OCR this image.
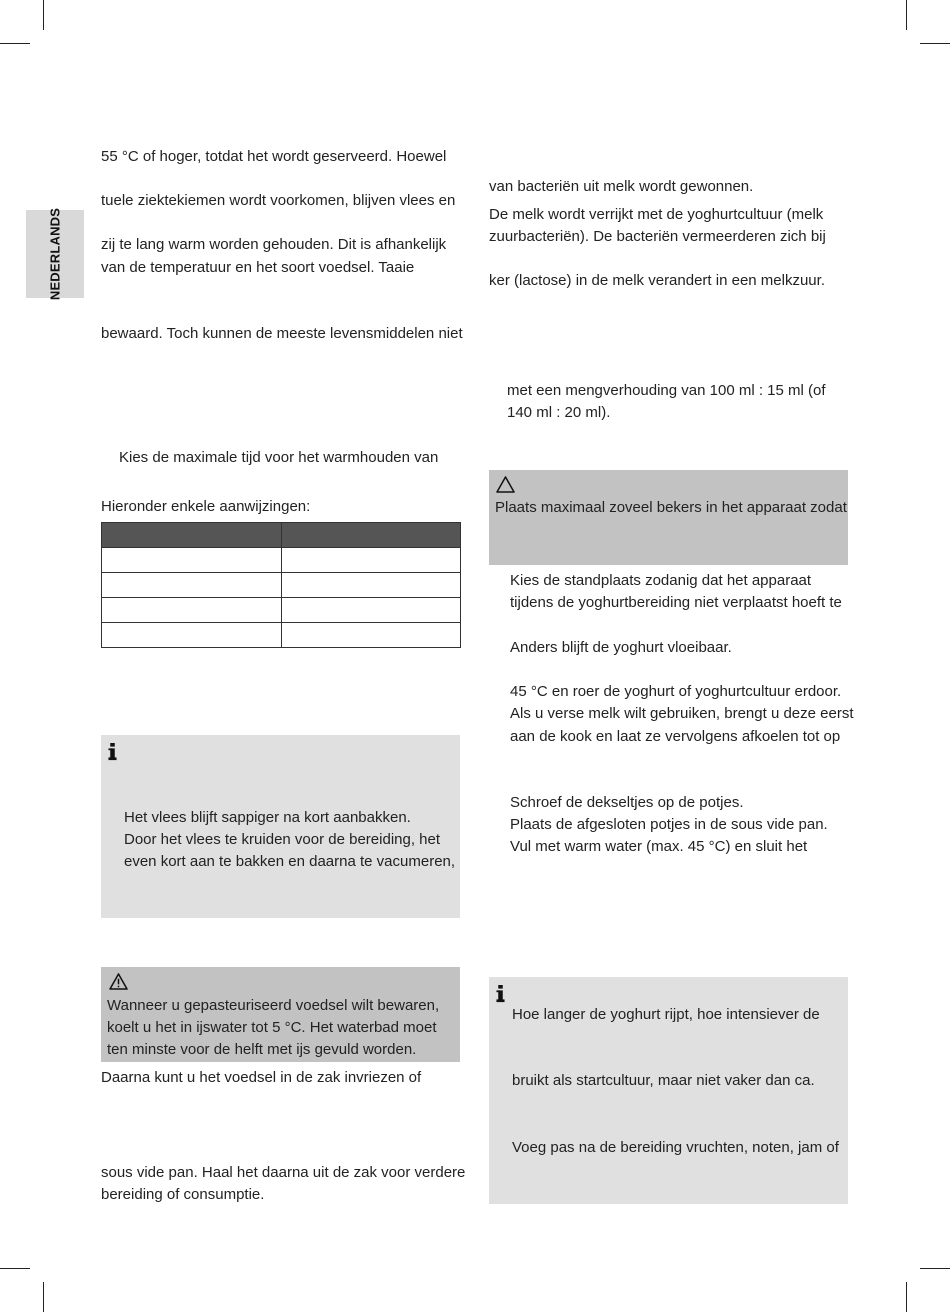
NEDERLANDS
55 °C of hoger, totdat het wordt geserveerd. Hoewel
tuele ziektekiemen wordt voorkomen, blijven vlees en
zij te lang warm worden gehouden. Dit is afhankelijk
van de temperatuur en het soort voedsel. Taaie
bewaard. Toch kunnen de meeste levensmiddelen niet
Kies de maximale tijd voor het warmhouden van
Hieronder enkele aanwijzingen:

Het vlees blijft sappiger na kort aanbakken.
Door het vlees te kruiden voor de bereiding, het
even kort aan te bakken en daarna te vacumeren,
Wanneer u gepasteuriseerd voedsel wilt bewaren,
koelt u het in ijswater tot 5 °C. Het waterbad moet
ten minste voor de helft met ijs gevuld worden.
Daarna kunt u het voedsel in de zak invriezen of
sous vide pan. Haal het daarna uit de zak voor verdere
bereiding of consumptie.
van bacteriën uit melk wordt gewonnen.
De melk wordt verrijkt met de yoghurtcultuur (melk
zuurbacteriën). De bacteriën vermeerderen zich bij
ker (lactose) in de melk verandert in een melkzuur.
met een mengverhouding van 100 ml : 15 ml (of
140 ml : 20 ml).
Plaats maximaal zoveel bekers in het apparaat zodat
Kies de standplaats zodanig dat het apparaat
tijdens de yoghurtbereiding niet verplaatst hoeft te
Anders blijft de yoghurt vloeibaar.
45 °C en roer de yoghurt of yoghurtcultuur erdoor.
Als u verse melk wilt gebruiken, brengt u deze eerst
aan de kook en laat ze vervolgens afkoelen tot op
Schroef de dekseltjes op de potjes.
Plaats de afgesloten potjes in de sous vide pan.
Vul met warm water (max. 45 °C) en sluit het
Hoe langer de yoghurt rijpt, hoe intensiever de
bruikt als startcultuur, maar niet vaker dan ca.
Voeg pas na de bereiding vruchten, noten, jam of
